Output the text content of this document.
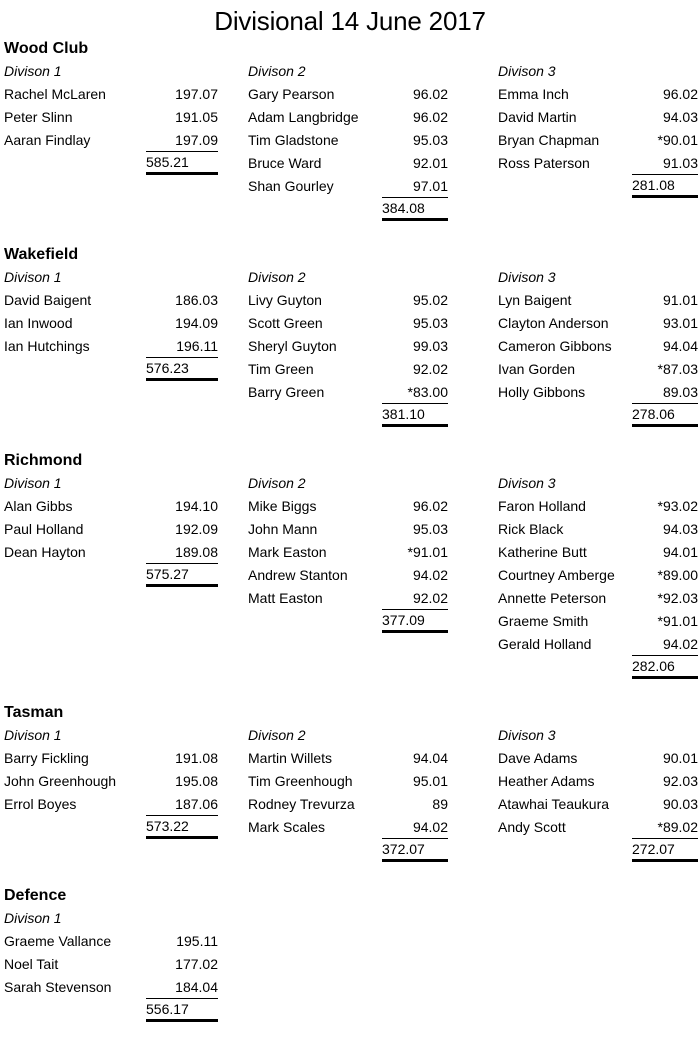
Divisional 14 June 2017
Wood Club
Divison 1
Rachel McLaren	197.07
Peter Slinn	191.05
Aaran Findlay	197.09
585.21
Divison 2
Gary Pearson	96.02
Adam Langbridge	96.02
Tim Gladstone	95.03
Bruce Ward	92.01
Shan Gourley	97.01
384.08
Divison 3
Emma Inch	96.02
David Martin	94.03
Bryan Chapman	*90.01
Ross Paterson	91.03
281.08
Wakefield
Divison 1
David Baigent	186.03
Ian Inwood	194.09
Ian Hutchings	196.11
576.23
Divison 2
Livy Guyton	95.02
Scott Green	95.03
Sheryl Guyton	99.03
Tim Green	92.02
Barry Green	*83.00
381.10
Divison 3
Lyn Baigent	91.01
Clayton Anderson	93.01
Cameron Gibbons	94.04
Ivan Gorden	*87.03
Holly Gibbons	89.03
278.06
Richmond
Divison 1
Alan Gibbs	194.10
Paul Holland	192.09
Dean Hayton	189.08
575.27
Divison 2
Mike Biggs	96.02
John Mann	95.03
Mark Easton	*91.01
Andrew Stanton	94.02
Matt Easton	92.02
377.09
Divison 3
Faron Holland	*93.02
Rick Black	94.03
Katherine Butt	94.01
Courtney Amberge	*89.00
Annette Peterson	*92.03
Graeme Smith	*91.01
Gerald Holland	94.02
282.06
Tasman
Divison 1
Barry Fickling	191.08
John Greenhough	195.08
Errol Boyes	187.06
573.22
Divison 2
Martin Willets	94.04
Tim Greenhough	95.01
Rodney Trevurza	89
Mark Scales	94.02
372.07
Divison 3
Dave Adams	90.01
Heather Adams	92.03
Atawhai Teaukura	90.03
Andy Scott	*89.02
272.07
Defence
Divison 1
Graeme Vallance	195.11
Noel Tait	177.02
Sarah Stevenson	184.04
556.17
